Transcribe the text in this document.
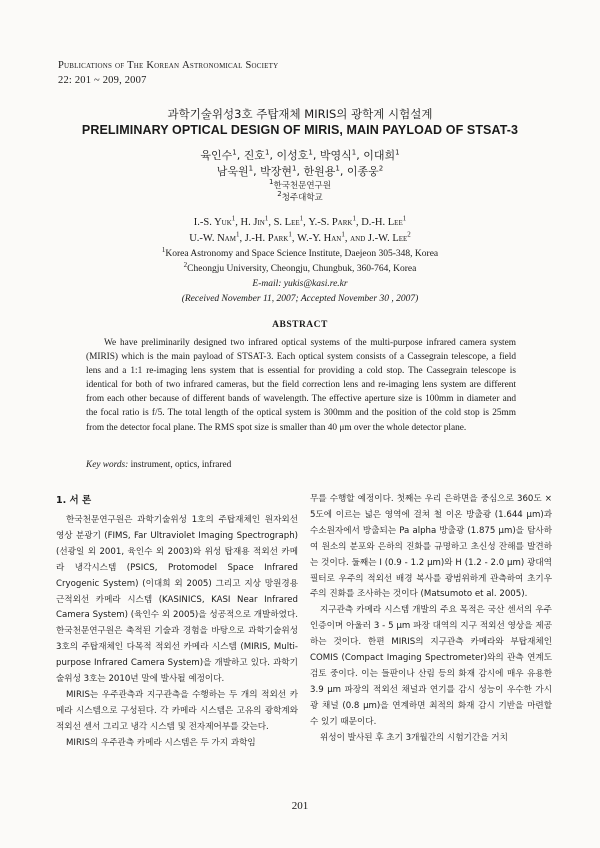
Publications of The Korean Astronomical Society
22: 201 ~ 209, 2007
과학기술위성3호 주탑재체 MIRIS의 광학계 시험설계
PRELIMINARY OPTICAL DESIGN OF MIRIS, MAIN PAYLOAD OF STSAT-3
육인수$^1$, 진호$^1$, 이성호$^1$, 박영식$^1$, 이대희$^1$
남욱원$^1$, 박장현$^1$, 한원용$^1$, 이종웅$^2$
$^1$한국천문연구원
$^2$청주대학교
I.-S. Yuk$^1$, H. Jin$^1$, S. Lee$^1$, Y.-S. Park$^1$, D.-H. Lee$^1$
U.-W. Nam$^1$, J.-H. Park$^1$, W.-Y. Han$^1$, and J.-W. Lee$^2$
$^1$Korea Astronomy and Space Science Institute, Daejeon 305-348, Korea
$^2$Cheongju University, Cheongju, Chungbuk, 360-764, Korea
E-mail: yukis@kasi.re.kr
(Received November 11, 2007; Accepted November 30 , 2007)
ABSTRACT
We have preliminarily designed two infrared optical systems of the multi-purpose infrared camera system (MIRIS) which is the main payload of STSAT-3. Each optical system consists of a Cassegrain telescope, a field lens and a 1:1 re-imaging lens system that is essential for providing a cold stop. The Cassegrain telescope is identical for both of two infrared cameras, but the field correction lens and re-imaging lens system are different from each other because of different bands of wavelength. The effective aperture size is 100mm in diameter and the focal ratio is f/5. The total length of the optical system is 300mm and the position of the cold stop is 25mm from the detector focal plane. The RMS spot size is smaller than 40 μm over the whole detector plane.
Key words: instrument, optics, infrared
1. 서 론

한국천문연구원은 과학기술위성 1호의 주탑재체인 원자외선 영상 분광기 (FIMS, Far Ultraviolet Imaging Spectrograph) (선광일 외 2001, 육인수 외 2003)와 위성 탑재용 적외선 카메라 냉각시스템 (PSICS, Protomodel Space Infrared Cryogenic System) (이대희 외 2005) 그리고 지상 망원경용 근적외선 카메라 시스템 (KASINICS, KASI Near Infrared Camera System) (육인수 외 2005)을 성공적으로 개발하였다. 한국천문연구원은 축적된 기술과 경험을 바탕으로 과학기술위성 3호의 주탑재체인 다목적 적외선 카메라 시스템 (MIRIS, Multi-purpose Infrared Camera System)을 개발하고 있다. 과학기술위성 3호는 2010년 말에 발사될 예정이다.

MIRIS는 우주관측과 지구관측을 수행하는 두 개의 적외선 카메라 시스템으로 구성된다. 각 카메라 시스템은 고유의 광학계와 적외선 센서 그리고 냉각 시스템 및 전자제어부를 갖는다.

MIRIS의 우주관측 카메라 시스템은 두 가지 과학임

무를 수행할 예정이다. 첫째는 우리 은하면을 중심으로 360도 × 5도에 이르는 넓은 영역에 걸쳐 철 이온 방출광 (1.644 μm)과 수소원자에서 방출되는 Pa alpha 방출광 (1.875 μm)을 탐사하여 원소의 분포와 은하의 진화를 규명하고 초신성 잔해를 발견하는 것이다. 둘째는 I (0.9 - 1.2 μm)와 H (1.2 - 2.0 μm) 광대역 필터로 우주의 적외선 배경 복사를 광범위하게 관측하여 초기우주의 진화를 조사하는 것이다 (Matsumoto et al. 2005).

지구관측 카메라 시스템 개발의 주요 목적은 국산 센서의 우주 인증이며 아울러 3 - 5 μm 파장 대역의 지구 적외선 영상을 제공하는 것이다. 한편 MIRIS의 지구관측 카메라와 부탑재체인 COMIS (Compact Imaging Spectrometer)와의 관측 연계도 검토 중이다. 이는 들판이나 산림 등의 화재 감시에 매우 유용한 3.9 μm 파장의 적외선 채널과 연기를 감시 성능이 우수한 가시광 채널 (0.8 μm)을 연계하면 최적의 화재 감시 기반을 마련할 수 있기 때문이다.

위성이 발사된 후 초기 3개월간의 시험기간을 거치

201
